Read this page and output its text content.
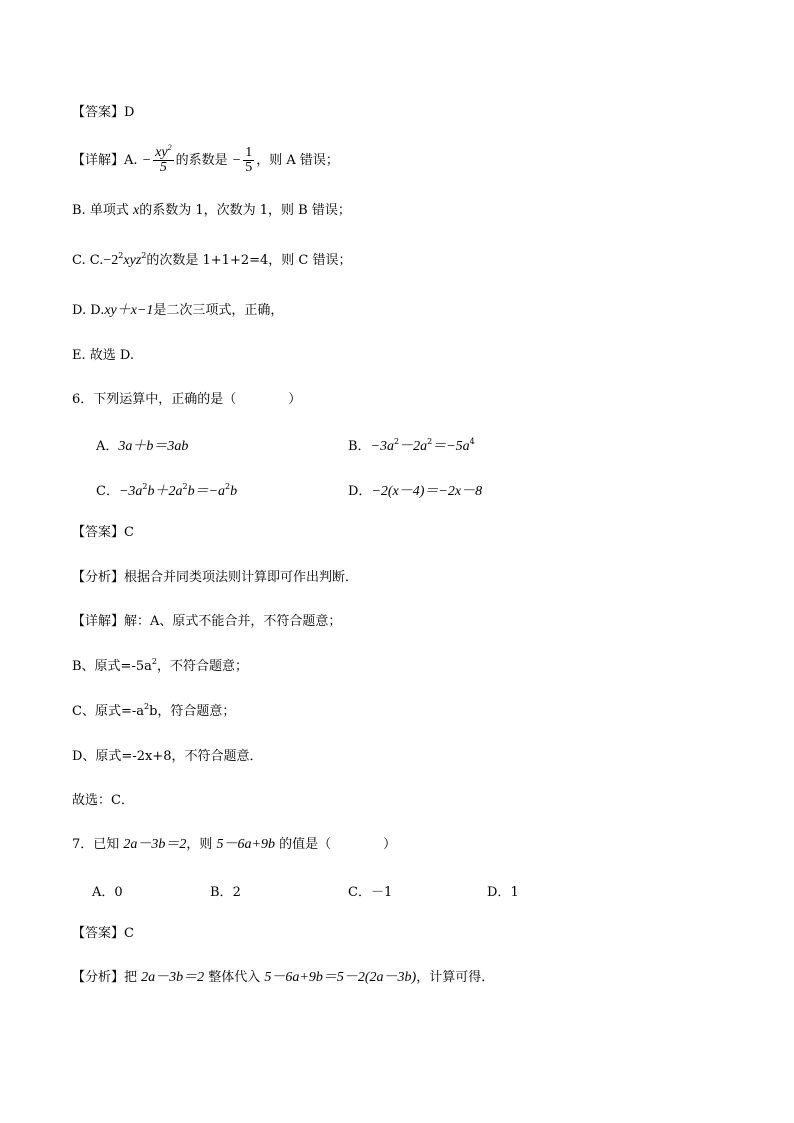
【答案】D
【详解】A. − $\frac{xy^2}{5}$ 的系数是 − $\frac{1}{5}$ ，则 A 错误；
B. 单项式 x的系数为 1，次数为 1，则 B 错误；
C. $C.-2^2xyz^2$的次数是 1+1+2=4，则 C 错误；
D. D.xy＋x−1是二次三项式，正确，
E. 故选 D.
6．下列运算中，正确的是（　　　　）
A．3a＋b＝3ab	B．$-3a^2-2a^2=-5a^4$
C．$-3a^2b+2a^2b=-a^2b$	D．−2(x－4)＝−2x－8
【答案】C
【分析】根据合并同类项法则计算即可作出判断．
【详解】解：A、原式不能合并，不符合题意；
B、原式$=-5a^2$，不符合题意；
C、原式$=-a^2b$，符合题意；
D、原式=-2x+8，不符合题意．
故选：C．
7．已知 2a－3b＝2，则 5－6a+9b 的值是（　　　　）
A．0	B．2	C．－1	D．1
【答案】C
【分析】把 2a－3b＝2 整体代入 5－6a+9b＝5－2(2a－3b)，计算可得．
